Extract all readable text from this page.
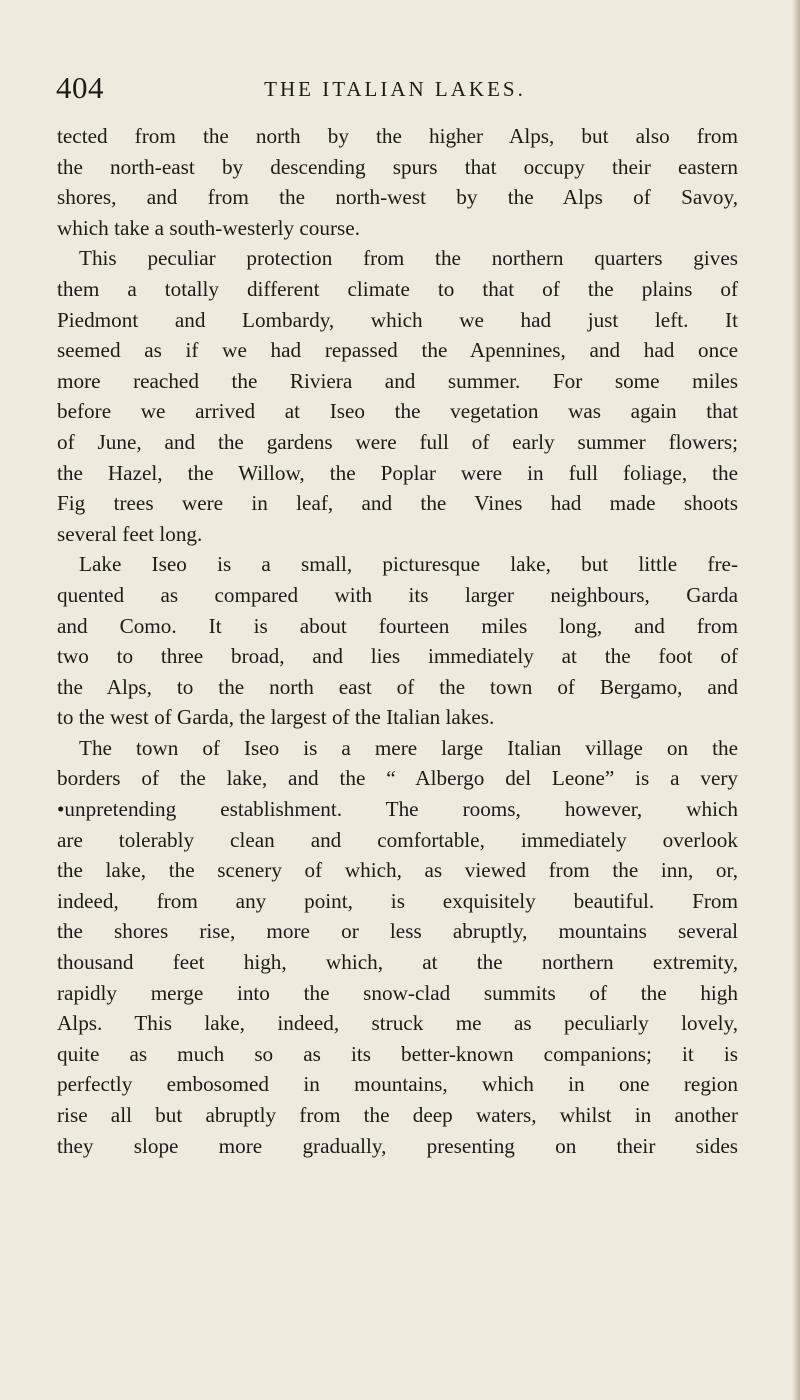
404	THE ITALIAN LAKES.
tected from the north by the higher Alps, but also from
the north-east by descending spurs that occupy their eastern
shores, and from the north-west by the Alps of Savoy,
which take a south-westerly course.
This peculiar protection from the northern quarters gives
them a totally different climate to that of the plains of
Piedmont and Lombardy, which we had just left. It
seemed as if we had repassed the Apennines, and had once
more reached the Riviera and summer. For some miles
before we arrived at Iseo the vegetation was again that
of June, and the gardens were full of early summer flowers;
the Hazel, the Willow, the Poplar were in full foliage, the
Fig trees were in leaf, and the Vines had made shoots
several feet long.
Lake Iseo is a small, picturesque lake, but little fre-
quented as compared with its larger neighbours, Garda
and Como. It is about fourteen miles long, and from
two to three broad, and lies immediately at the foot of
the Alps, to the north east of the town of Bergamo, and
to the west of Garda, the largest of the Italian lakes.
The town of Iseo is a mere large Italian village on the
borders of the lake, and the “ Albergo del Leone” is a very
•unpretending establishment. The rooms, however, which
are tolerably clean and comfortable, immediately overlook
the lake, the scenery of which, as viewed from the inn, or,
indeed, from any point, is exquisitely beautiful. From
the shores rise, more or less abruptly, mountains several
thousand feet high, which, at the northern extremity,
rapidly merge into the snow-clad summits of the high
Alps. This lake, indeed, struck me as peculiarly lovely,
quite as much so as its better-known companions; it is
perfectly embosomed in mountains, which in one region
rise all but abruptly from the deep waters, whilst in another
they slope more gradually, presenting on their sides
